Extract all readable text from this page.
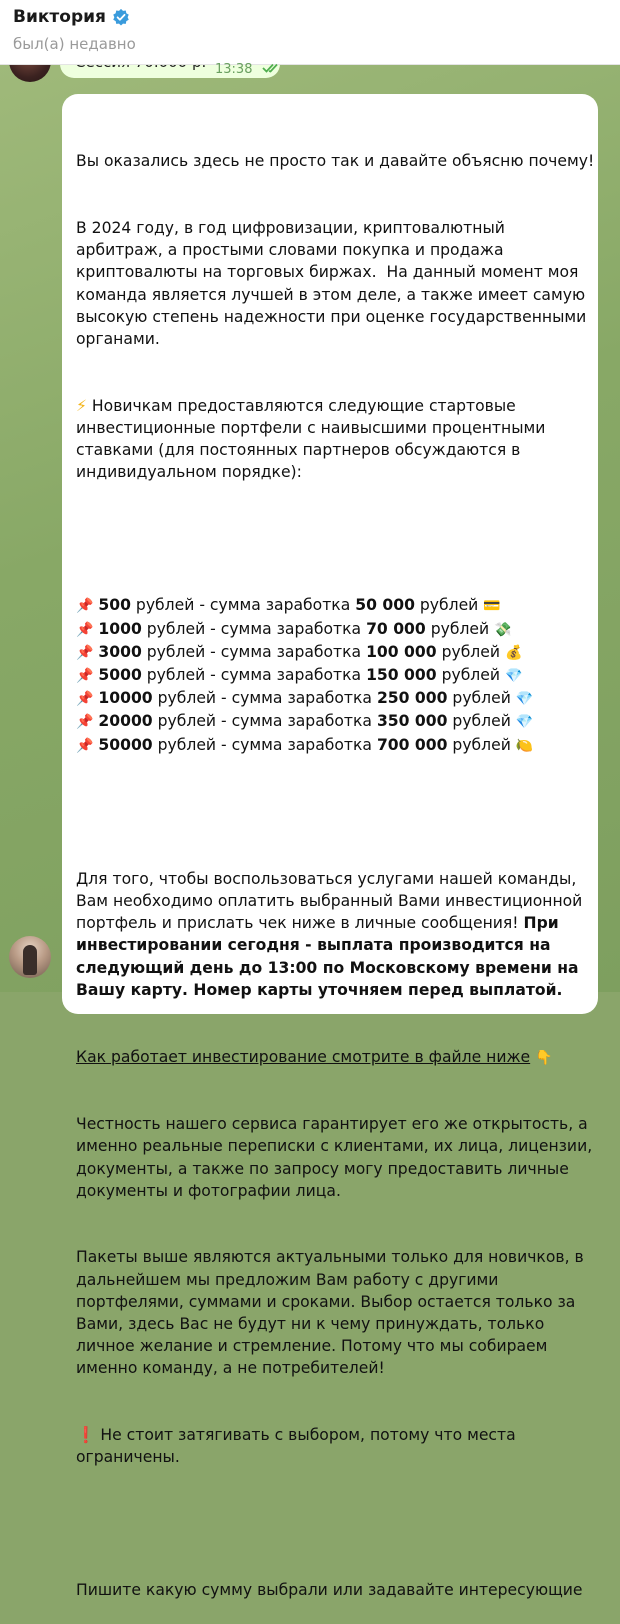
Виктория
был(а) недавно
13:38

Вы оказались здесь не просто так и давайте объясню почему!

В 2024 году, в год цифровизации, криптовалютный арбитраж, а простыми словами покупка и продажа криптовалюты на торговых биржах.  На данный момент моя команда является лучшей в этом деле, а также имеет самую высокую степень надежности при оценке государственными органами.

⚡ Новичкам предоставляются следующие стартовые инвестиционные портфели с наивысшими процентными ставками (для постоянных партнеров обсуждаются в индивидуальном порядке):

📌 500 рублей - сумма заработка 50 000 рублей 💳

📌 1000 рублей - сумма заработка 70 000 рублей 💸

📌 3000 рублей - сумма заработка 100 000 рублей 💰

📌 5000 рублей - сумма заработка 150 000 рублей 💎

📌 10000 рублей - сумма заработка 250 000 рублей 💎

📌 20000 рублей - сумма заработка 350 000 рублей 💎

📌 50000 рублей - сумма заработка 700 000 рублей 🍋

Для того, чтобы воспользоваться услугами нашей команды, Вам необходимо оплатить выбранный Вами инвестиционной портфель и прислать чек ниже в личные сообщения! При инвестировании сегодня - выплата производится на следующий день до 13:00 по Московскому времени на Вашу карту. Номер карты уточняем перед выплатой.

Как работает инвестирование смотрите в файле ниже 👇

Честность нашего сервиса гарантирует его же открытость, а именно реальные переписки с клиентами, их лица, лицензии, документы, а также по запросу могу предоставить личные документы и фотографии лица.

Пакеты выше являются актуальными только для новичков, в дальнейшем мы предложим Вам работу с другими портфелями, суммами и сроками. Выбор остается только за Вами, здесь Вас не будут ни к чему принуждать, только личное желание и стремление. Потому что мы собираем именно команду, а не потребителей!

❗ Не стоит затягивать с выбором, потому что места ограничены.

Пишите какую сумму выбрали или задавайте интересующие
